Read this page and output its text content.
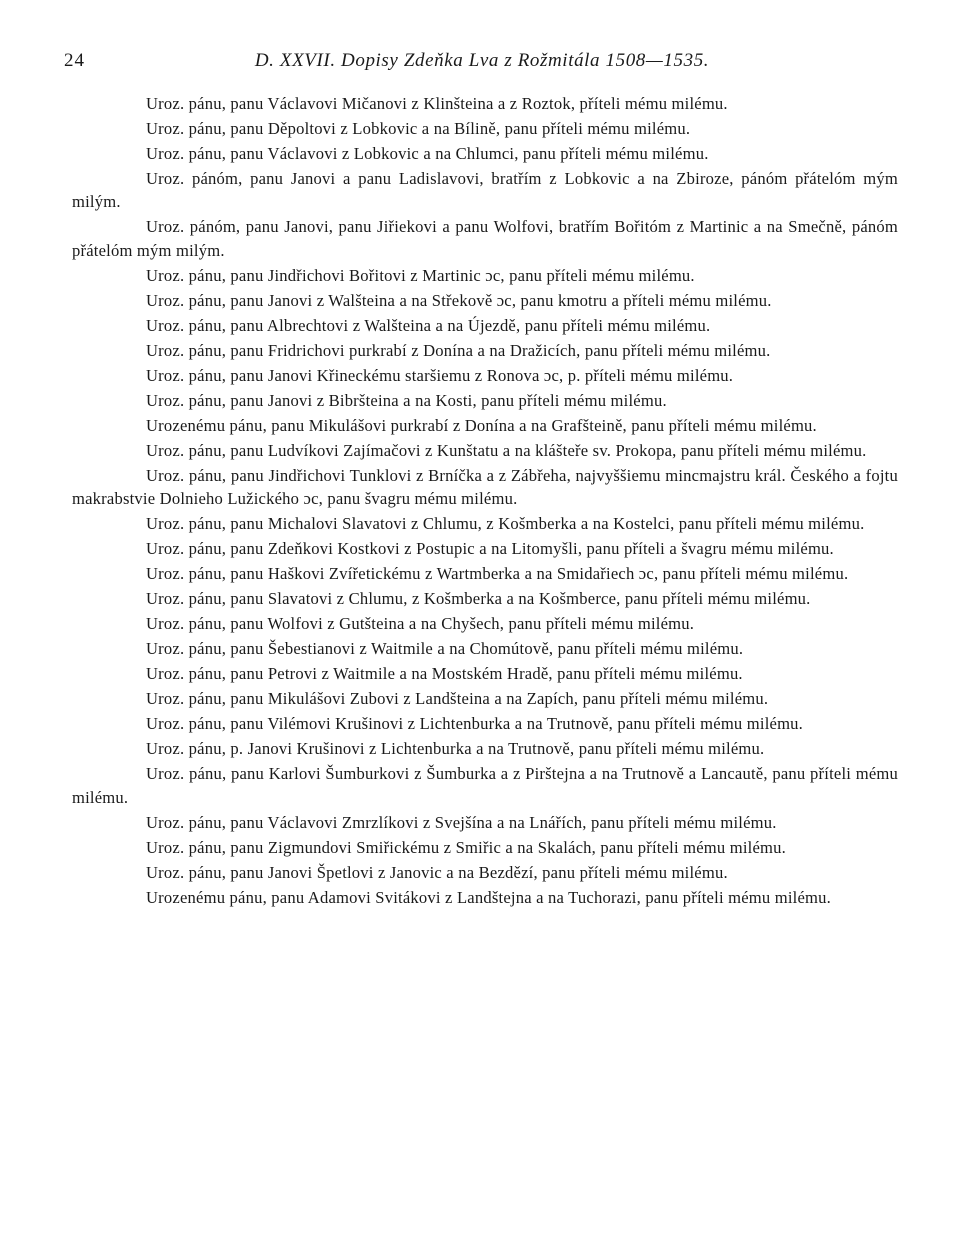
24	D. XXVII. Dopisy Zdeňka Lva z Rožmitála 1508—1535.

Uroz. pánu, panu Václavovi Mičanovi z Klinšteina a z Roztok, příteli mému milému.

Uroz. pánu, panu Děpoltovi z Lobkovic a na Bílině, panu příteli mému milému.

Uroz. pánu, panu Václavovi z Lobkovic a na Chlumci, panu příteli mému milému.

Uroz. pánóm, panu Janovi a panu Ladislavovi, bratřím z Lobkovic a na Zbiroze, pánóm přátelóm mým milým.

Uroz. pánóm, panu Janovi, panu Jiřiekovi a panu Wolfovi, bratřím Bořitóm z Martinic a na Smečně, pánóm přátelóm mým milým.

Uroz. pánu, panu Jindřichovi Bořitovi z Martinic ɔc, panu příteli mému milému.

Uroz. pánu, panu Janovi z Walšteina a na Střekově ɔc, panu kmotru a příteli mému milému.

Uroz. pánu, panu Albrechtovi z Walšteina a na Újezdě, panu příteli mému milému.

Uroz. pánu, panu Fridrichovi purkrabí z Donína a na Dražicích, panu příteli mému milému.

Uroz. pánu, panu Janovi Křineckému staršiemu z Ronova ɔc, p. příteli mému milému.

Uroz. pánu, panu Janovi z Bibršteina a na Kosti, panu příteli mému milému.

Urozenému pánu, panu Mikulášovi purkrabí z Donína a na Grafšteině, panu příteli mému milému.

Uroz. pánu, panu Ludvíkovi Zajímačovi z Kunštatu a na klášteře sv. Prokopa, panu příteli mému milému.

Uroz. pánu, panu Jindřichovi Tunklovi z Brníčka a z Zábřeha, najvyššiemu mincmajstru král. Českého a fojtu makrabstvie Dolnieho Lužického ɔc, panu švagru mému milému.

Uroz. pánu, panu Michalovi Slavatovi z Chlumu, z Košmberka a na Kostelci, panu příteli mému milému.

Uroz. pánu, panu Zdeňkovi Kostkovi z Postupic a na Litomyšli, panu příteli a švagru mému milému.

Uroz. pánu, panu Haškovi Zvířetickému z Wartmberka a na Smidařiech ɔc, panu příteli mému milému.

Uroz. pánu, panu Slavatovi z Chlumu, z Košmberka a na Košmberce, panu příteli mému milému.

Uroz. pánu, panu Wolfovi z Gutšteina a na Chyšech, panu příteli mému milému.

Uroz. pánu, panu Šebestianovi z Waitmile a na Chomútově, panu příteli mému milému.

Uroz. pánu, panu Petrovi z Waitmile a na Mostském Hradě, panu příteli mému milému.

Uroz. pánu, panu Mikulášovi Zubovi z Landšteina a na Zapích, panu příteli mému milému.

Uroz. pánu, panu Vilémovi Krušinovi z Lichtenburka a na Trutnově, panu příteli mému milému.

Uroz. pánu, p. Janovi Krušinovi z Lichtenburka a na Trutnově, panu příteli mému milému.

Uroz. pánu, panu Karlovi Šumburkovi z Šumburka a z Pirštejna a na Trutnově a Lancautě, panu příteli mému milému.

Uroz. pánu, panu Václavovi Zmrzlíkovi z Svejšína a na Lnářích, panu příteli mému milému.

Uroz. pánu, panu Zigmundovi Smiřickému z Smiřic a na Skalách, panu příteli mému milému.

Uroz. pánu, panu Janovi Špetlovi z Janovic a na Bezdězí, panu příteli mému milému.

Urozenému pánu, panu Adamovi Svitákovi z Landštejna a na Tuchorazi, panu příteli mému milému.
